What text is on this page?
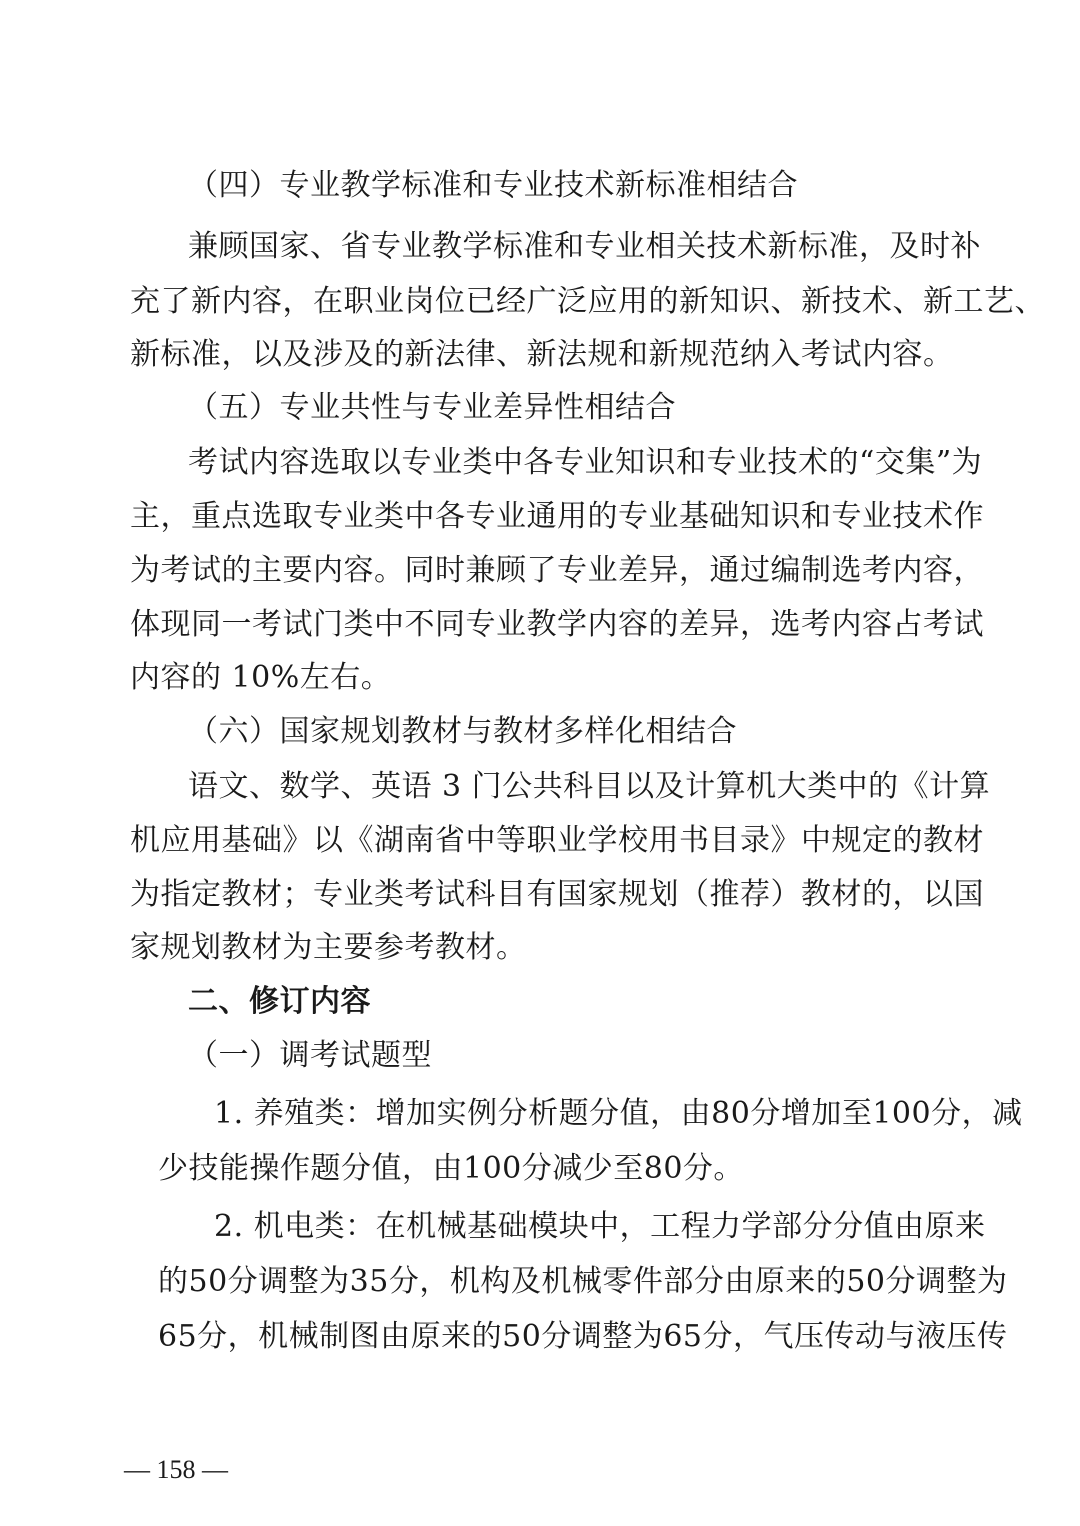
（四）专业教学标准和专业技术新标准相结合
兼顾国家、省专业教学标准和专业相关技术新标准，及时补
充了新内容，在职业岗位已经广泛应用的新知识、新技术、新工艺、
新标准，以及涉及的新法律、新法规和新规范纳入考试内容。
（五）专业共性与专业差异性相结合
考试内容选取以专业类中各专业知识和专业技术的“交集”为
主，重点选取专业类中各专业通用的专业基础知识和专业技术作
为考试的主要内容。同时兼顾了专业差异，通过编制选考内容，
体现同一考试门类中不同专业教学内容的差异，选考内容占考试
内容的 10%左右。
（六）国家规划教材与教材多样化相结合
语文、数学、英语 3 门公共科目以及计算机大类中的《计算
机应用基础》以《湖南省中等职业学校用书目录》中规定的教材
为指定教材；专业类考试科目有国家规划（推荐）教材的，以国
家规划教材为主要参考教材。
二、修订内容
（一）调考试题型
1. 养殖类：增加实例分析题分值，由80分增加至100分，减
少技能操作题分值，由100分减少至80分。
2. 机电类：在机械基础模块中，工程力学部分分值由原来
的50分调整为35分，机构及机械零件部分由原来的50分调整为
65分，机械制图由原来的50分调整为65分，气压传动与液压传
— 158 —
